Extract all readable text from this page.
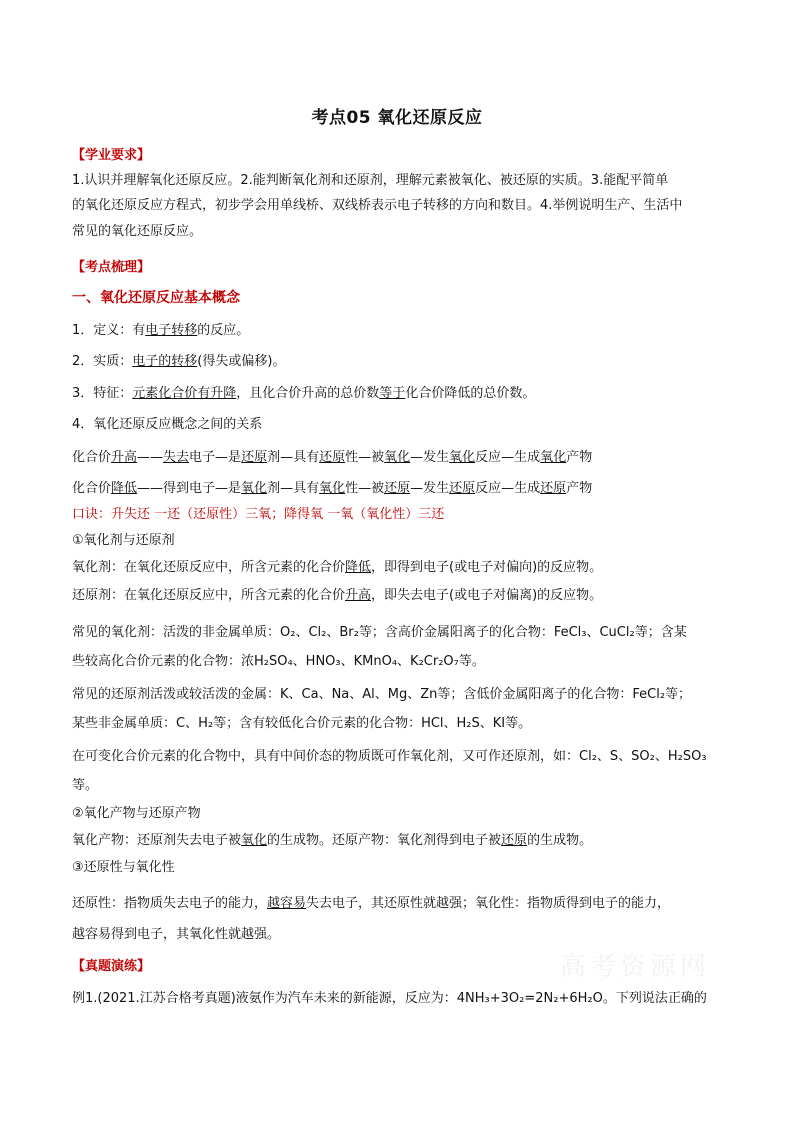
考点05 氧化还原反应
【学业要求】
1.认识并理解氧化还原反应。2.能判断氧化剂和还原剂，理解元素被氧化、被还原的实质。3.能配平简单
的氧化还原反应方程式，初步学会用单线桥、双线桥表示电子转移的方向和数目。4.举例说明生产、生活中
常见的氧化还原反应。
【考点梳理】
一、氧化还原反应基本概念
1．定义：有电子转移的反应。
2．实质：电子的转移(得失或偏移)。
3．特征：元素化合价有升降，且化合价升高的总价数等于化合价降低的总价数。
4．氧化还原反应概念之间的关系
化合价升高——失去电子—是还原剂—具有还原性—被氧化—发生氧化反应—生成氧化产物
化合价降低——得到电子—是氧化剂—具有氧化性—被还原—发生还原反应—生成还原产物
口诀：升失还 一还（还原性）三氧；降得氧 一氧（氧化性）三还
①氧化剂与还原剂
氧化剂：在氧化还原反应中，所含元素的化合价降低，即得到电子(或电子对偏向)的反应物。
还原剂：在氧化还原反应中，所含元素的化合价升高，即失去电子(或电子对偏离)的反应物。
常见的氧化剂：活泼的非金属单质：O₂、Cl₂、Br₂等；含高价金属阳离子的化合物：FeCl₃、CuCl₂等；含某
些较高化合价元素的化合物：浓H₂SO₄、HNO₃、KMnO₄、K₂Cr₂O₇等。
常见的还原剂活泼或较活泼的金属：K、Ca、Na、Al、Mg、Zn等；含低价金属阳离子的化合物：FeCl₂等；
某些非金属单质：C、H₂等；含有较低化合价元素的化合物：HCl、H₂S、KI等。
在可变化合价元素的化合物中，具有中间价态的物质既可作氧化剂，又可作还原剂，如：Cl₂、S、SO₂、H₂SO₃
等。
②氧化产物与还原产物
氧化产物：还原剂失去电子被氧化的生成物。还原产物：氧化剂得到电子被还原的生成物。
③还原性与氧化性
还原性：指物质失去电子的能力，越容易失去电子，其还原性就越强；氧化性：指物质得到电子的能力，
越容易得到电子，其氧化性就越强。
【真题演练】
例1.(2021.江苏合格考真题)液氨作为汽车未来的新能源，反应为：4NH₃+3O₂=2N₂+6H₂O。下列说法正确的
高考资源网
